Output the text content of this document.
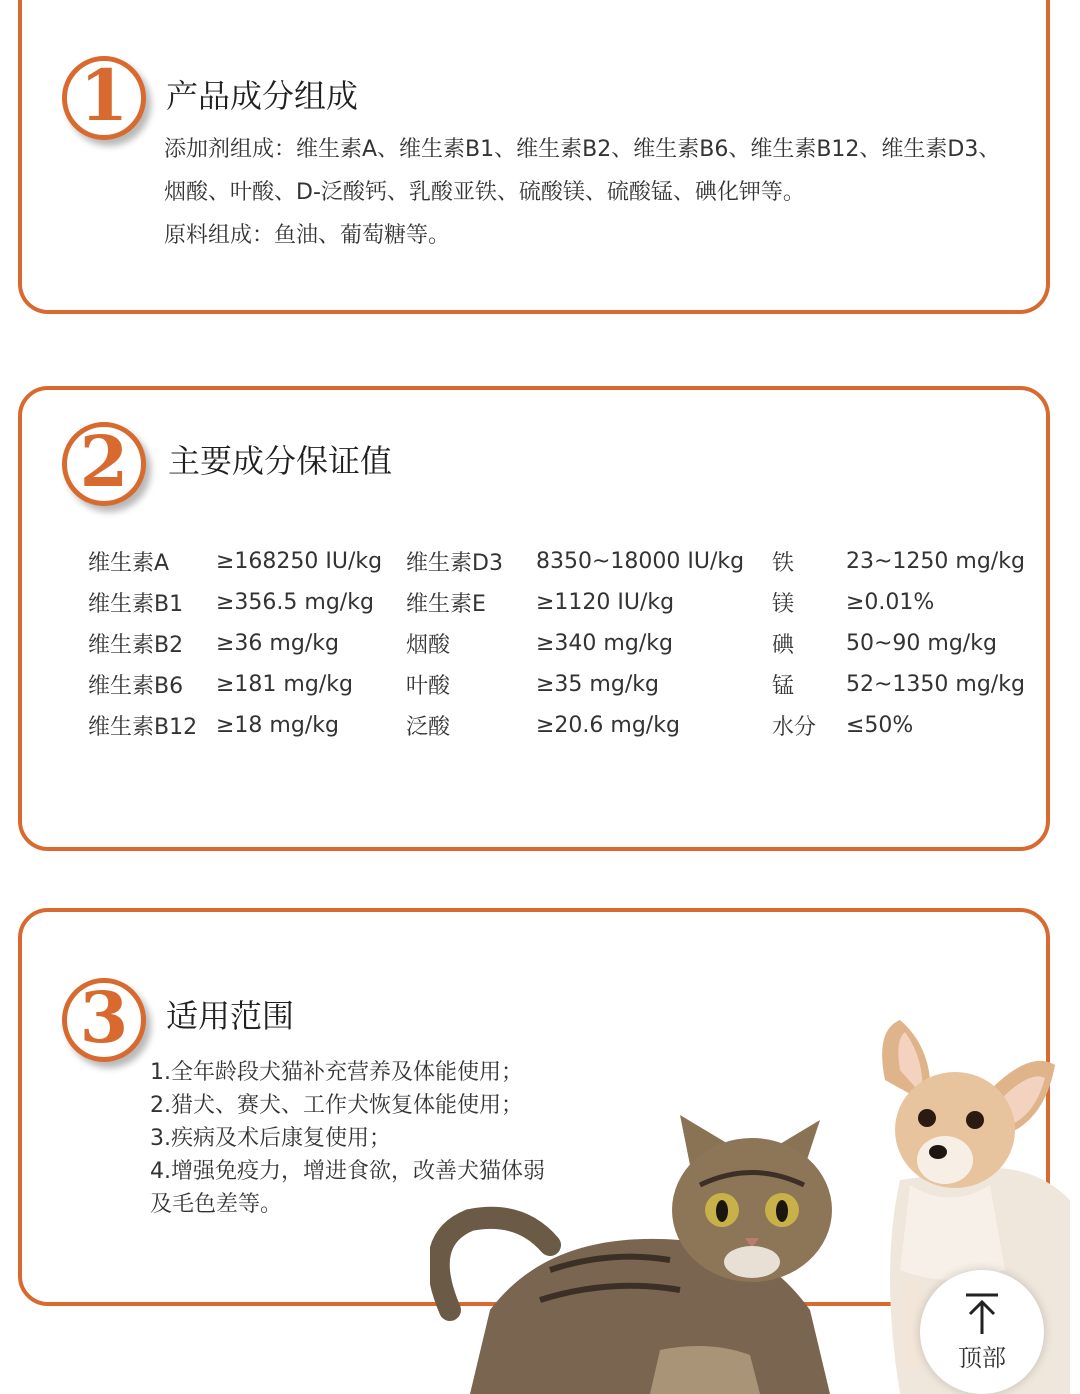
1 产品成分组成
添加剂组成：维生素A、维生素B1、维生素B2、维生素B6、维生素B12、维生素D3、
烟酸、叶酸、D-泛酸钙、乳酸亚铁、硫酸镁、硫酸锰、碘化钾等。
原料组成：鱼油、葡萄糖等。
2 主要成分保证值
维生素A	≥168250 IU/kg	维生素D3	8350~18000 IU/kg	铁	23~1250 mg/kg
维生素B1	≥356.5 mg/kg	维生素E	≥1120 IU/kg	镁	≥0.01%
维生素B2	≥36 mg/kg	烟酸	≥340 mg/kg	碘	50~90 mg/kg
维生素B6	≥181 mg/kg	叶酸	≥35 mg/kg	锰	52~1350 mg/kg
维生素B12	≥18 mg/kg	泛酸	≥20.6 mg/kg	水分	≤50%
3 适用范围
1.全年龄段犬猫补充营养及体能使用；
2.猎犬、赛犬、工作犬恢复体能使用；
3.疾病及术后康复使用；
4.增强免疫力，增进食欲，改善犬猫体弱
及毛色差等。
顶部
